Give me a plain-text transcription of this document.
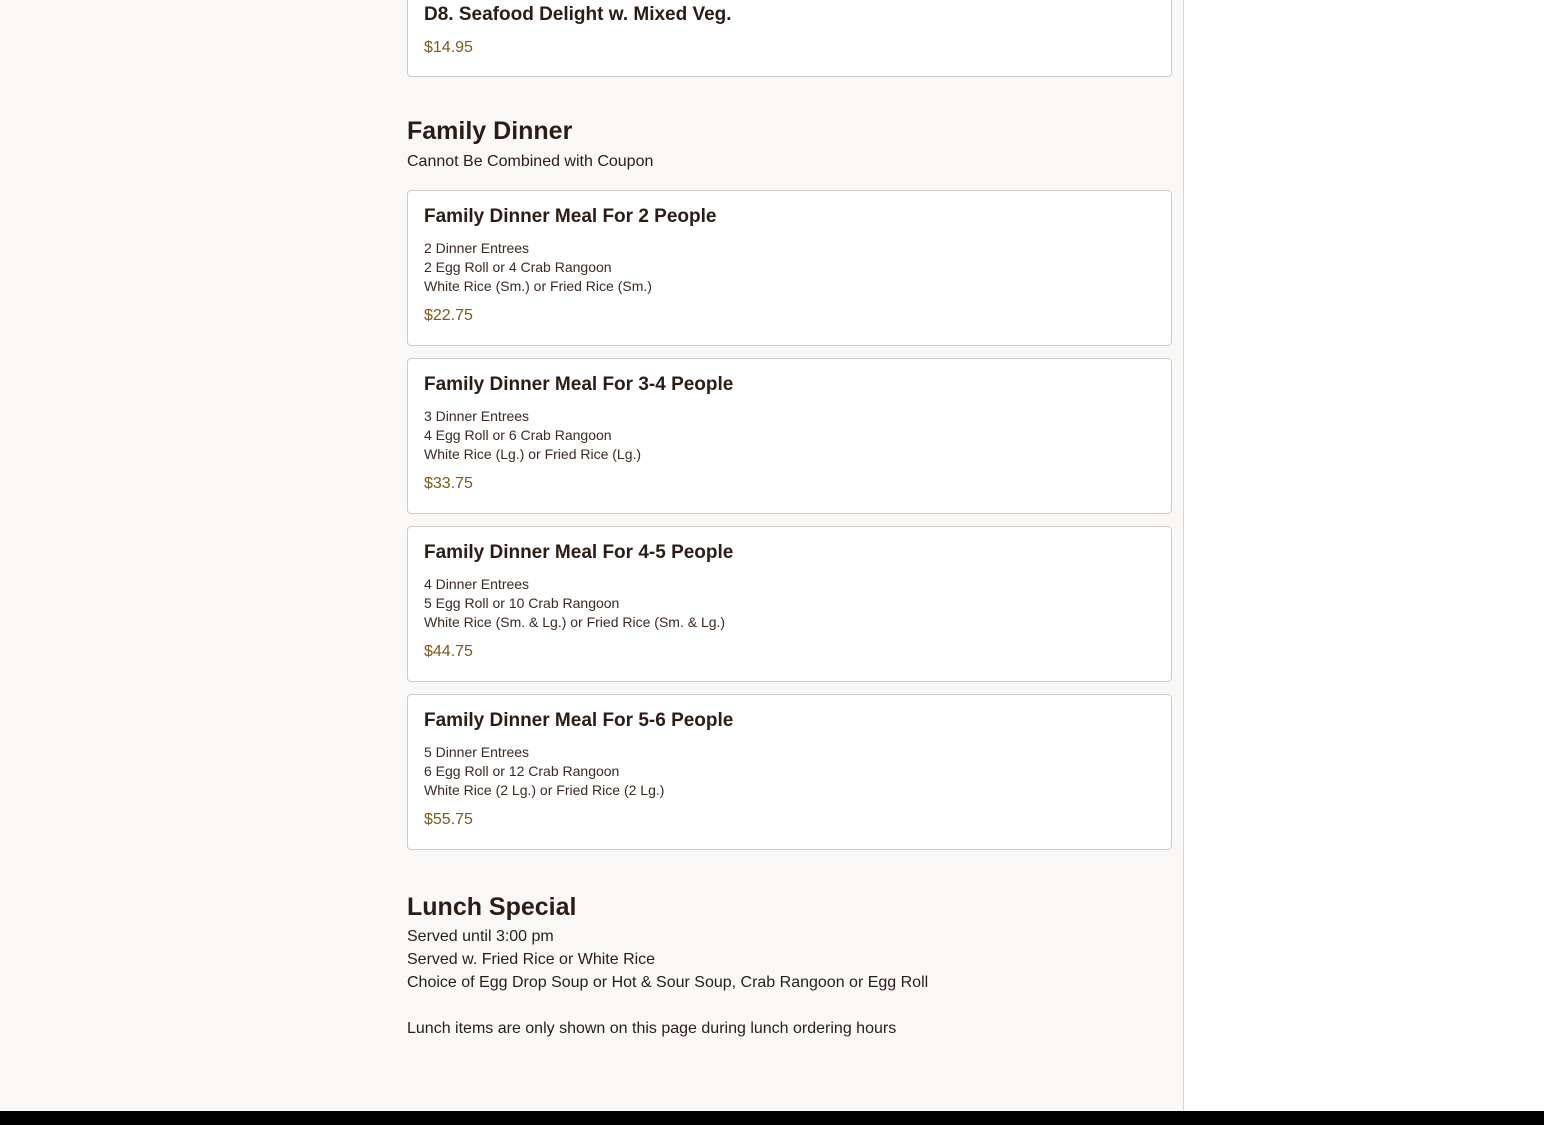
D8. Seafood Delight w. Mixed Veg.
$14.95
Family Dinner
Cannot Be Combined with Coupon
Family Dinner Meal For 2 People
2 Dinner Entrees
2 Egg Roll or 4 Crab Rangoon
White Rice (Sm.) or Fried Rice (Sm.)
$22.75
Family Dinner Meal For 3-4 People
3 Dinner Entrees
4 Egg Roll or 6 Crab Rangoon
White Rice (Lg.) or Fried Rice (Lg.)
$33.75
Family Dinner Meal For 4-5 People
4 Dinner Entrees
5 Egg Roll or 10 Crab Rangoon
White Rice (Sm. & Lg.) or Fried Rice (Sm. & Lg.)
$44.75
Family Dinner Meal For 5-6 People
5 Dinner Entrees
6 Egg Roll or 12 Crab Rangoon
White Rice (2 Lg.) or Fried Rice (2 Lg.)
$55.75
Lunch Special
Served until 3:00 pm
Served w. Fried Rice or White Rice
Choice of Egg Drop Soup or Hot & Sour Soup, Crab Rangoon or Egg Roll
Lunch items are only shown on this page during lunch ordering hours
